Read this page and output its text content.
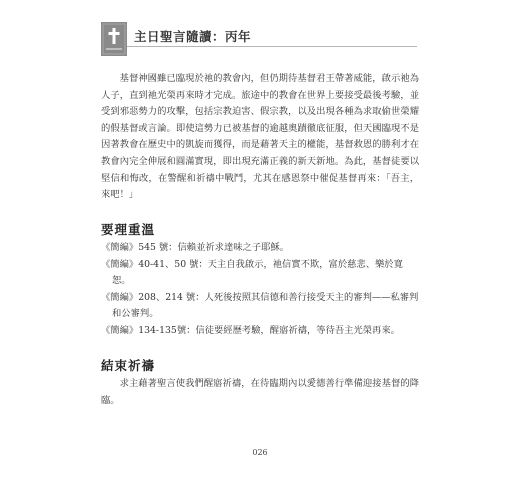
主日聖言隨讀：丙年

基督神國雖已臨現於祂的教會內，但仍期待基督君王帶著威能，啟示祂為人子，直到祂光榮再來時才完成。旅途中的教會在世界上要接受最後考驗，並受到邪惡勢力的攻擊，包括宗教迫害、假宗教，以及出現各種為求取偷世榮耀的假基督或言論。即使這勢力已被基督的逾越奧蹟徹底征服，但天國臨現不是因著教會在歷史中的凱旋而獲得，而是藉著天主的權能，基督救恩的勝利才在教會內完全伸展和圓滿實現，即出現充滿正義的新天新地。為此，基督徒要以堅信和悔改，在警醒和祈禱中戰鬥，尤其在感恩祭中催促基督再來：「吾主，來吧！」

要理重溫
《簡編》545 號：信賴並祈求達味之子耶穌。
《簡編》40-41、50 號：天主自我啟示，祂信實不欺，富於慈悲、樂於寬恕。
《簡編》208、214 號：人死後按照其信德和善行接受天主的審判——私審判和公審判。
《簡編》134-135號：信徒要經歷考驗，醒寤祈禱，等待吾主光榮再來。
結束祈禱

求主藉著聖言使我們醒寤祈禱，在待臨期內以愛德善行準備迎接基督的降臨。

026
